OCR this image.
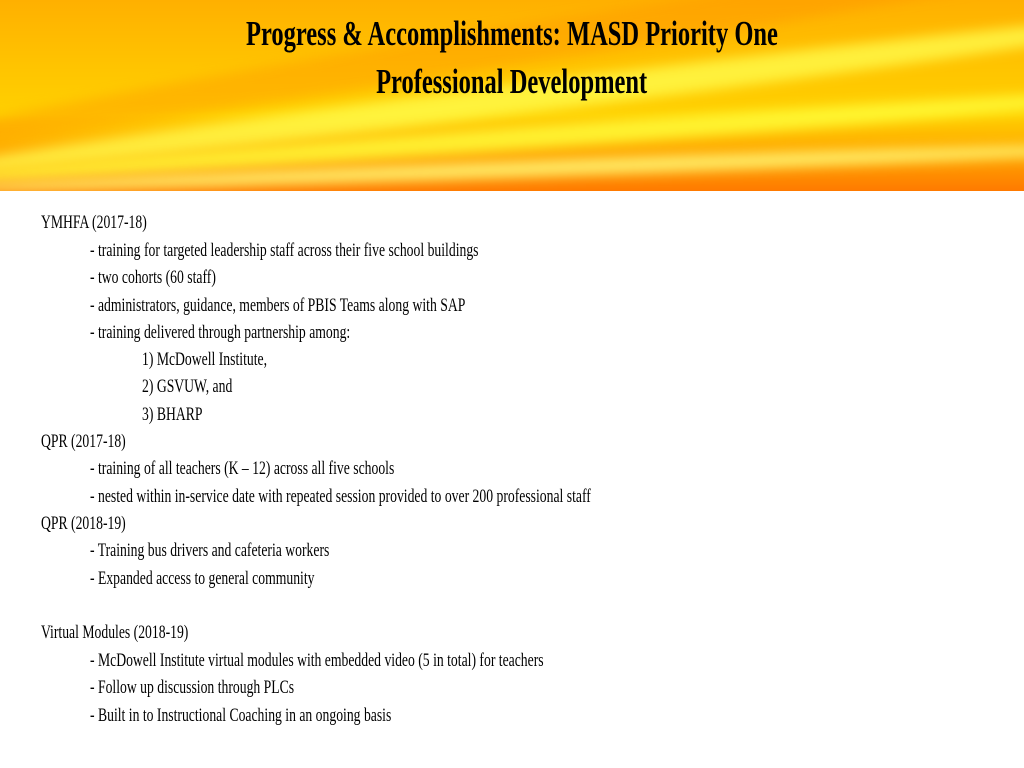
Progress & Accomplishments: MASD Priority One
Professional Development
YMHFA (2017-18)
- training for targeted leadership staff across their five school buildings
- two cohorts (60 staff)
- administrators, guidance, members of PBIS Teams along with SAP
- training delivered through partnership among:
1) McDowell Institute,
2) GSVUW, and
3) BHARP
QPR (2017-18)
- training of all teachers (K – 12) across all five schools
- nested within in-service date with repeated session provided to over 200 professional staff
QPR (2018-19)
- Training bus drivers and cafeteria workers
- Expanded access to general community
Virtual Modules (2018-19)
- McDowell Institute virtual modules with embedded video (5 in total) for teachers
- Follow up discussion through PLCs
- Built in to Instructional Coaching in an ongoing basis
